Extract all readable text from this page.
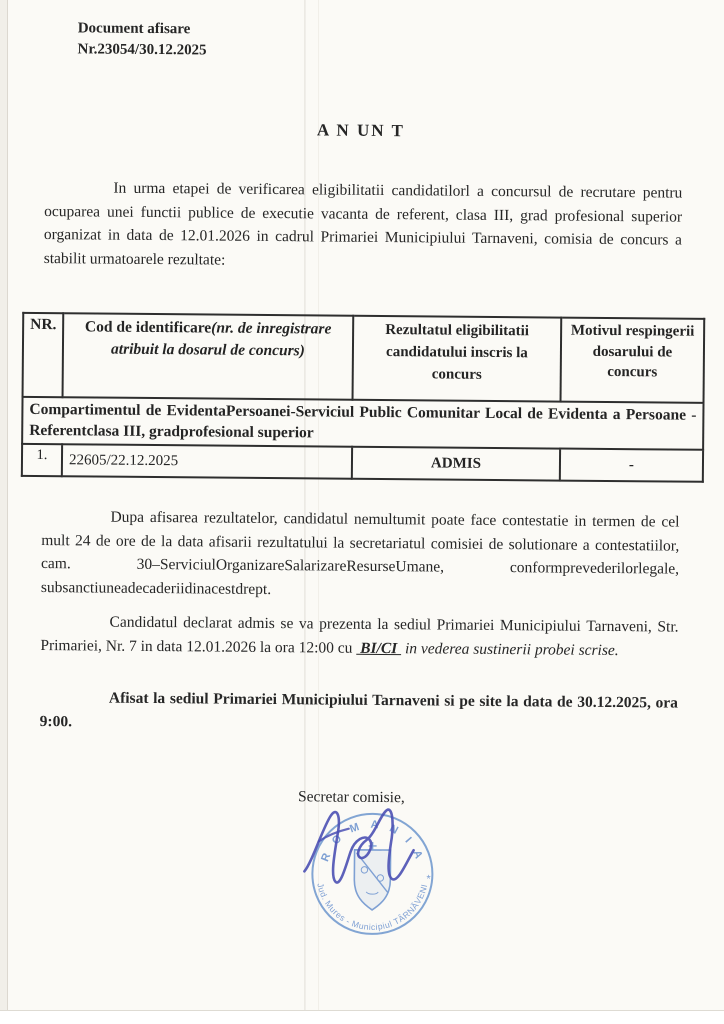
Document afisare
Nr.23054/30.12.2025
A N UN T

In urma etapei de verificarea eligibilitatii candidatilorl a concursul de recrutare pentru ocuparea unei functii publice de executie vacanta de referent, clasa III, grad profesional superior organizat in data de 12.01.2026 in cadrul Primariei Municipiului Tarnaveni, comisia de concurs a stabilit urmatoarele rezultate:

NR.	Cod de identificare(nr. de inregistrare atribuit la dosarul de concurs)	Rezultatul eligibilitatii candidatului inscris la concurs	Motivul respingerii dosarului de concurs
Compartimentul de EvidentaPersoanei-Serviciul Public Comunitar Local de Evidenta a Persoane -Referentclasa III, gradprofesional superior			
1.	22605/22.12.2025	ADMIS	-

Dupa afisarea rezultatelor, candidatul nemultumit poate face contestatie in termen de cel mult 24 de ore de la data afisarii rezultatului la secretariatul comisiei de solutionare a contestatiilor, cam. 30–ServiciulOrganizareSalarizareResurseUmane, conformprevederilorlegale, subsanctiuneadecaderiidinacestdrept.

Candidatul declarat admis se va prezenta la sediul Primariei Municipiului Tarnaveni, Str. Primariei, Nr. 7 in data 12.01.2026 la ora 12:00 cu  BI/CI  in vederea sustinerii probei scrise.

Afisat la sediul Primariei Municipiului Tarnaveni si pe site la data de 30.12.2025, ora 9:00.

Secretar comisie,
R O M A N I A
Jud. Mures - Municipiul TÂRNĂVENI
*
